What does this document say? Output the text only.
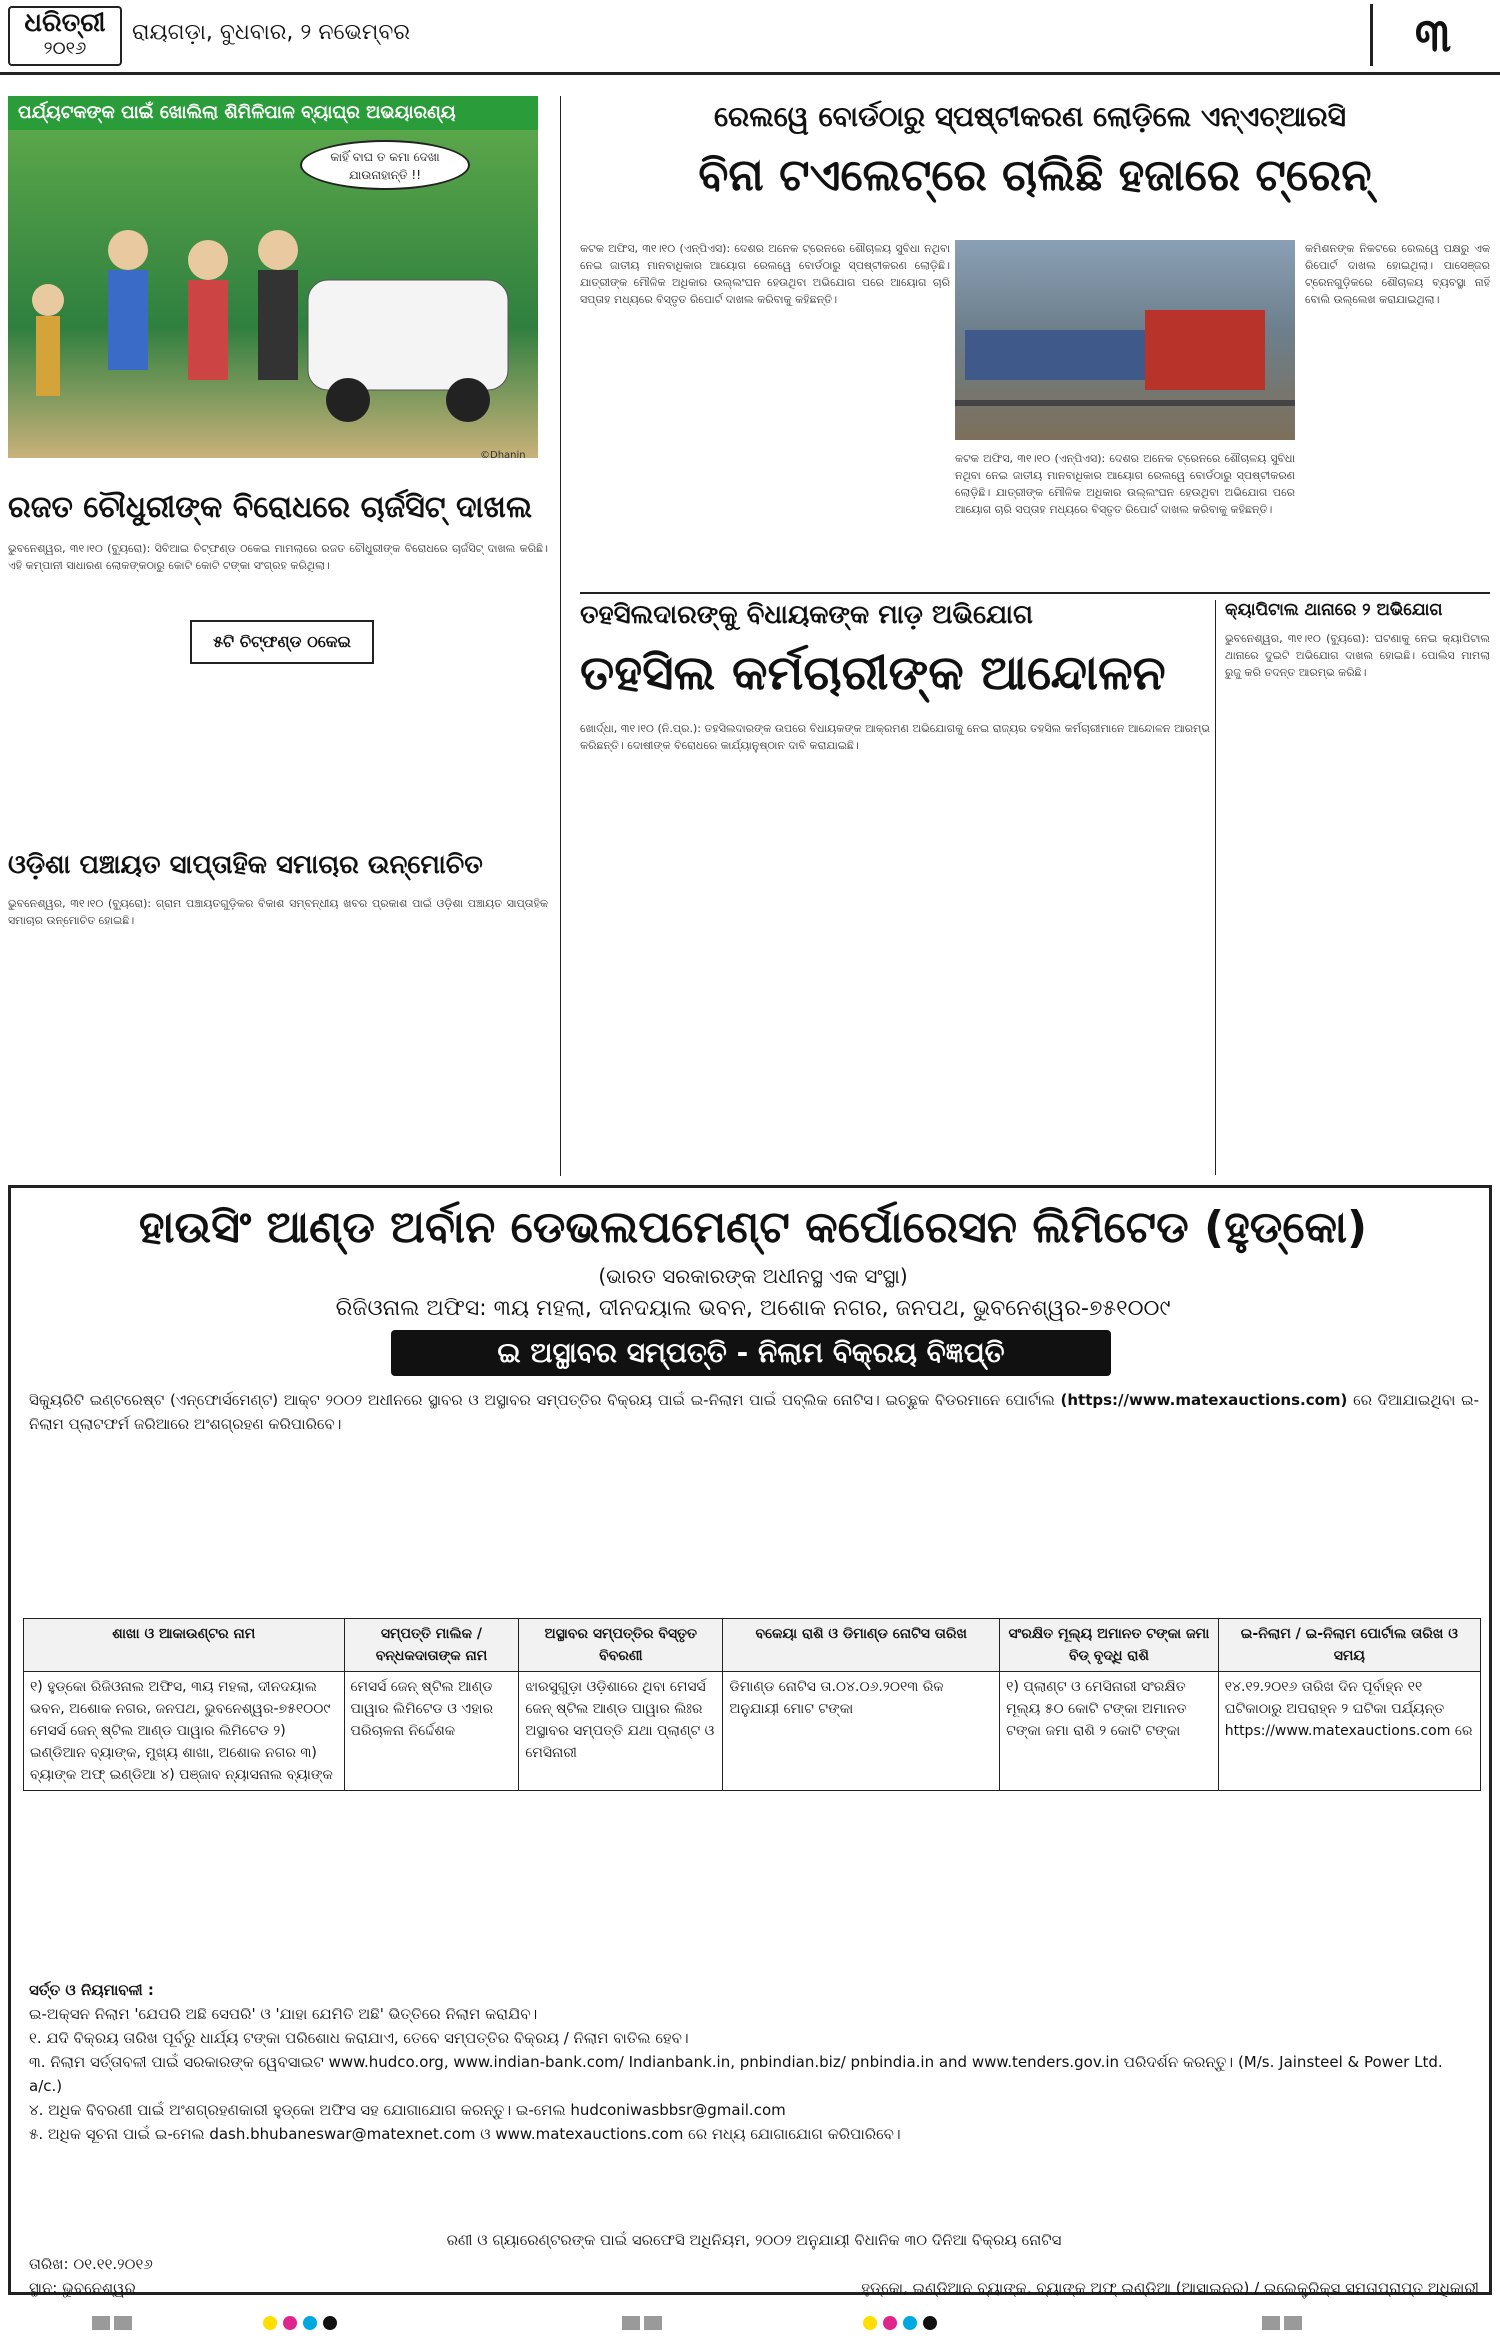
ଧରିତ୍ରୀ
୨୦୧୬
ରାୟଗଡ଼ା, ବୁଧବାର, ୨ ନଭେମ୍ବର	୩
ପର୍ଯ୍ୟଟକଙ୍କ ପାଇଁ ଖୋଲିଲା ଶିମିଳିପାଳ ବ୍ୟାଘ୍ର ଅଭୟାରଣ୍ୟ
କାହିଁ ବାଘ ତ କମା ଦେଖା ଯାଉନାହାନ୍ତି !!
©Dhanin
ରେଲୱେ ବୋର୍ଡଠାରୁ ସ୍ପଷ୍ଟୀକରଣ ଲୋଡ଼ିଲେ ଏନ୍‌ଏଚ୍‌ଆରସି
ବିନା ଟଏଲେଟ୍‌ରେ ଚାଲିଛି ହଜାରେ ଟ୍ରେନ୍
କଟକ ଅଫିସ, ୩୧।୧୦ (ଏନ୍‌ପିଏସ): ଦେଶର ଅନେକ ଟ୍ରେନରେ ଶୌଚାଳୟ ସୁବିଧା ନଥିବା ନେଇ ଜାତୀୟ ମାନବାଧିକାର ଆୟୋଗ ରେଲୱେ ବୋର୍ଡଠାରୁ ସ୍ପଷ୍ଟୀକରଣ ଲୋଡ଼ିଛି। ଯାତ୍ରୀଙ୍କ ମୌଳିକ ଅଧିକାର ଉଲ୍ଲଂଘନ ହେଉଥିବା ଅଭିଯୋଗ ପରେ ଆୟୋଗ ଚାରି ସପ୍ତାହ ମଧ୍ୟରେ ବିସ୍ତୃତ ରିପୋର୍ଟ ଦାଖଲ କରିବାକୁ କହିଛନ୍ତି।
କଟକ ଅଫିସ, ୩୧।୧୦ (ଏନ୍‌ପିଏସ): ଦେଶର ଅନେକ ଟ୍ରେନରେ ଶୌଚାଳୟ ସୁବିଧା ନଥିବା ନେଇ ଜାତୀୟ ମାନବାଧିକାର ଆୟୋଗ ରେଲୱେ ବୋର୍ଡଠାରୁ ସ୍ପଷ୍ଟୀକରଣ ଲୋଡ଼ିଛି। ଯାତ୍ରୀଙ୍କ ମୌଳିକ ଅଧିକାର ଉଲ୍ଲଂଘନ ହେଉଥିବା ଅଭିଯୋଗ ପରେ ଆୟୋଗ ଚାରି ସପ୍ତାହ ମଧ୍ୟରେ ବିସ୍ତୃତ ରିପୋର୍ଟ ଦାଖଲ କରିବାକୁ କହିଛନ୍ତି।
କମିଶନଙ୍କ ନିକଟରେ ରେଲୱେ ପକ୍ଷରୁ ଏକ ରିପୋର୍ଟ ଦାଖଲ ହୋଇଥିଲା। ପାସେଞ୍ଜର ଟ୍ରେନଗୁଡ଼ିକରେ ଶୌଚାଳୟ ବ୍ୟବସ୍ଥା ନାହିଁ ବୋଲି ଉଲ୍ଲେଖ କରାଯାଇଥିଲା।
ରଜତ ଚୌଧୁରୀଙ୍କ ବିରୋଧରେ ଚାର୍ଜସିଟ୍ ଦାଖଲ
ଭୁବନେଶ୍ୱର, ୩୧।୧୦ (ବ୍ୟୁରୋ): ସିବିଆଇ ଚିଟ୍‌ଫଣ୍ଡ ଠକେଇ ମାମଲାରେ ରଜତ ଚୌଧୁରୀଙ୍କ ବିରୋଧରେ ଚାର୍ଜସିଟ୍ ଦାଖଲ କରିଛି। ଏହି କମ୍ପାନୀ ସାଧାରଣ ଲୋକଙ୍କଠାରୁ କୋଟି କୋଟି ଟଙ୍କା ସଂଗ୍ରହ କରିଥିଲା।
୫ଟି ଚିଟ୍‌ଫଣ୍ଡ ଠକେଇ
ଓଡ଼ିଶା ପଞ୍ଚାୟତ ସାପ୍ତାହିକ ସମାଚାର ଉନ୍ମୋଚିତ
ଭୁବନେଶ୍ୱର, ୩୧।୧୦ (ବ୍ୟୁରୋ): ଗ୍ରାମ ପଞ୍ଚାୟତଗୁଡ଼ିକର ବିକାଶ ସମ୍ବନ୍ଧୀୟ ଖବର ପ୍ରକାଶ ପାଇଁ ଓଡ଼ିଶା ପଞ୍ଚାୟତ ସାପ୍ତାହିକ ସମାଚାର ଉନ୍ମୋଚିତ ହୋଇଛି।
ତହସିଲଦାରଙ୍କୁ ବିଧାୟକଙ୍କ ମାଡ଼ ଅଭିଯୋଗ
ତହସିଲ କର୍ମଚାରୀଙ୍କ ଆନ୍ଦୋଳନ
ଖୋର୍ଦ୍ଧା, ୩୧।୧୦ (ନି.ପ୍ର.): ତହସିଲଦାରଙ୍କ ଉପରେ ବିଧାୟକଙ୍କ ଆକ୍ରମଣ ଅଭିଯୋଗକୁ ନେଇ ରାଜ୍ୟର ତହସିଲ କର୍ମଚାରୀମାନେ ଆନ୍ଦୋଳନ ଆରମ୍ଭ କରିଛନ୍ତି। ଦୋଷୀଙ୍କ ବିରୋଧରେ କାର୍ଯ୍ୟାନୁଷ୍ଠାନ ଦାବି କରାଯାଇଛି।
କ୍ୟାପିଟାଲ ଥାନାରେ ୨ ଅଭିଯୋଗ
ଭୁବନେଶ୍ୱର, ୩୧।୧୦ (ବ୍ୟୁରୋ): ଘଟଣାକୁ ନେଇ କ୍ୟାପିଟାଲ ଥାନାରେ ଦୁଇଟି ଅଭିଯୋଗ ଦାଖଲ ହୋଇଛି। ପୋଲିସ ମାମଲା ରୁଜୁ କରି ତଦନ୍ତ ଆରମ୍ଭ କରିଛି।
ହାଉସିଂ ଆଣ୍ଡ ଅର୍ବାନ ଡେଭଲପମେଣ୍ଟ କର୍ପୋରେସନ ଲିମିଟେଡ (ହୁଡ୍‌କୋ)
(ଭାରତ ସରକାରଙ୍କ ଅଧୀନସ୍ଥ ଏକ ସଂସ୍ଥା)
ରିଜିଓନାଲ ଅଫିସ: ୩ୟ ମହଲା, ଦୀନଦୟାଲ ଭବନ, ଅଶୋକ ନଗର, ଜନପଥ, ଭୁବନେଶ୍ୱର-୭୫୧୦୦୯
ଇ ଅସ୍ଥାବର ସମ୍ପତ୍ତି - ନିଲାମ ବିକ୍ରୟ ବିଜ୍ଞପ୍ତି
ସିକ୍ୟୁରିଟି ଇଣ୍ଟରେଷ୍ଟ (ଏନ୍‌ଫୋର୍ସମେଣ୍ଟ) ଆକ୍ଟ ୨୦୦୨ ଅଧୀନରେ ସ୍ଥାବର ଓ ଅସ୍ଥାବର ସମ୍ପତ୍ତିର ବିକ୍ରୟ ପାଇଁ ଇ-ନିଲାମ ପାଇଁ ପବ୍ଲିକ ନୋଟିସ। ଇଚ୍ଛୁକ ବିଡରମାନେ ପୋର୍ଟାଲ (https://www.matexauctions.com) ରେ ଦିଆଯାଇଥିବା ଇ-ନିଲାମ ପ୍ଲାଟଫର୍ମ ଜରିଆରେ ଅଂଶଗ୍ରହଣ କରିପାରିବେ।
ଶାଖା ଓ ଆକାଉଣ୍ଟର ନାମ	ସମ୍ପତ୍ତି ମାଲିକ / ବନ୍ଧକଦାତାଙ୍କ ନାମ	ଅସ୍ଥାବର ସମ୍ପତ୍ତିର ବିସ୍ତୃତ ବିବରଣୀ	ବକେୟା ରାଶି ଓ ଡିମାଣ୍ଡ ନୋଟିସ ତାରିଖ	ସଂରକ୍ଷିତ ମୂଲ୍ୟ ଅମାନତ ଟଙ୍କା ଜମା ବିଡ୍ ବୃଦ୍ଧି ରାଶି	ଇ-ନିଲାମ / ଇ-ନିଲାମ ପୋର୍ଟାଲ ତାରିଖ ଓ ସମୟ
୧) ହୁଡ୍‌କୋ ରିଜିଓନାଲ ଅଫିସ, ୩ୟ ମହଲା, ଦୀନଦୟାଲ ଭବନ, ଅଶୋକ ନଗର, ଜନପଥ, ଭୁବନେଶ୍ୱର-୭୫୧୦୦୯ ମେସର୍ସ ଜେନ୍ ଷ୍ଟିଲ ଆଣ୍ଡ ପାୱାର ଲିମିଟେଡ ୨) ଇଣ୍ଡିଆନ ବ୍ୟାଙ୍କ, ମୁଖ୍ୟ ଶାଖା, ଅଶୋକ ନଗର ୩) ବ୍ୟାଙ୍କ ଅଫ୍ ଇଣ୍ଡିଆ ୪) ପଞ୍ଜାବ ନ୍ୟାସନାଲ ବ୍ୟାଙ୍କ	ମେସର୍ସ ଜେନ୍ ଷ୍ଟିଲ ଆଣ୍ଡ ପାୱାର ଲିମିଟେଡ ଓ ଏହାର ପରିଚାଳନା ନିର୍ଦ୍ଦେଶକ	ଝାରସୁଗୁଡ଼ା ଓଡ଼ିଶାରେ ଥିବା ମେସର୍ସ ଜେନ୍ ଷ୍ଟିଲ ଆଣ୍ଡ ପାୱାର ଲିଃର ଅସ୍ଥାବର ସମ୍ପତ୍ତି ଯଥା ପ୍ଲାଣ୍ଟ ଓ ମେସିନାରୀ	ଡିମାଣ୍ଡ ନୋଟିସ ତା.୦୪.୦୬.୨୦୧୩ ରିକ ଅନୁଯାୟୀ ମୋଟ ଟଙ୍କା	୧) ପ୍ଲାଣ୍ଟ ଓ ମେସିନାରୀ ସଂରକ୍ଷିତ ମୂଲ୍ୟ ୫୦ କୋଟି ଟଙ୍କା ଅମାନତ ଟଙ୍କା ଜମା ରାଶି ୨ କୋଟି ଟଙ୍କା	୧୪.୧୨.୨୦୧୬ ତାରିଖ ଦିନ ପୂର୍ବାହ୍ନ ୧୧ ଘଟିକାଠାରୁ ଅପରାହ୍ନ ୨ ଘଟିକା ପର୍ଯ୍ୟନ୍ତ https://www.matexauctions.com ରେ
ସର୍ତ୍ତ ଓ ନିୟମାବଳୀ :
ଇ-ଅକ୍ସନ ନିଲାମ 'ଯେପରି ଅଛି ସେପରି' ଓ 'ଯାହା ଯେମିତି ଅଛି' ଭିତ୍ତିରେ ନିଲାମ କରାଯିବ।
୧. ଯଦି ବିକ୍ରୟ ତାରିଖ ପୂର୍ବରୁ ଧାର୍ଯ୍ୟ ଟଙ୍କା ପରିଶୋଧ କରାଯାଏ, ତେବେ ସମ୍ପତ୍ତିର ବିକ୍ରୟ / ନିଲାମ ବାତିଲ ହେବ।
୩. ନିଲାମ ସର୍ତ୍ତାବଳୀ ପାଇଁ ସରକାରଙ୍କ ୱେବସାଇଟ www.hudco.org, www.indian-bank.com/ Indianbank.in, pnbindian.biz/ pnbindia.in and www.tenders.gov.in ପରିଦର୍ଶନ କରନ୍ତୁ। (M/s. Jainsteel & Power Ltd. a/c.)
୪. ଅଧିକ ବିବରଣୀ ପାଇଁ ଅଂଶଗ୍ରହଣକାରୀ ହୁଡ୍‌କୋ ଅଫିସ ସହ ଯୋଗାଯୋଗ କରନ୍ତୁ। ଇ-ମେଲ hudconiwasbbsr@gmail.com
୫. ଅଧିକ ସୂଚନା ପାଇଁ ଇ-ମେଲ dash.bhubaneswar@matexnet.com ଓ www.matexauctions.com ରେ ମଧ୍ୟ ଯୋଗାଯୋଗ କରିପାରିବେ।
ରଣୀ ଓ ଗ୍ୟାରେଣ୍ଟରଙ୍କ ପାଇଁ ସରଫେସି ଅଧିନିୟମ, ୨୦୦୨ ଅନୁଯାୟୀ ବିଧାନିକ ୩୦ ଦିନିଆ ବିକ୍ରୟ ନୋଟିସ
ତାରିଖ: ୦୧.୧୧.୨୦୧୬
ସ୍ଥାନ: ଭୁବନେଶ୍ୱର	ହୁଡ୍‌କୋ, ଇଣ୍ଡିଆନ ବ୍ୟାଙ୍କ, ବ୍ୟାଙ୍କ ଅଫ୍ ଇଣ୍ଡିଆ (ଆସାଇନର) / ଇଲେକ୍ଟ୍ରିକ୍ସ ସମତାପ୍ରାପ୍ତ ଅଧିକାରୀ
